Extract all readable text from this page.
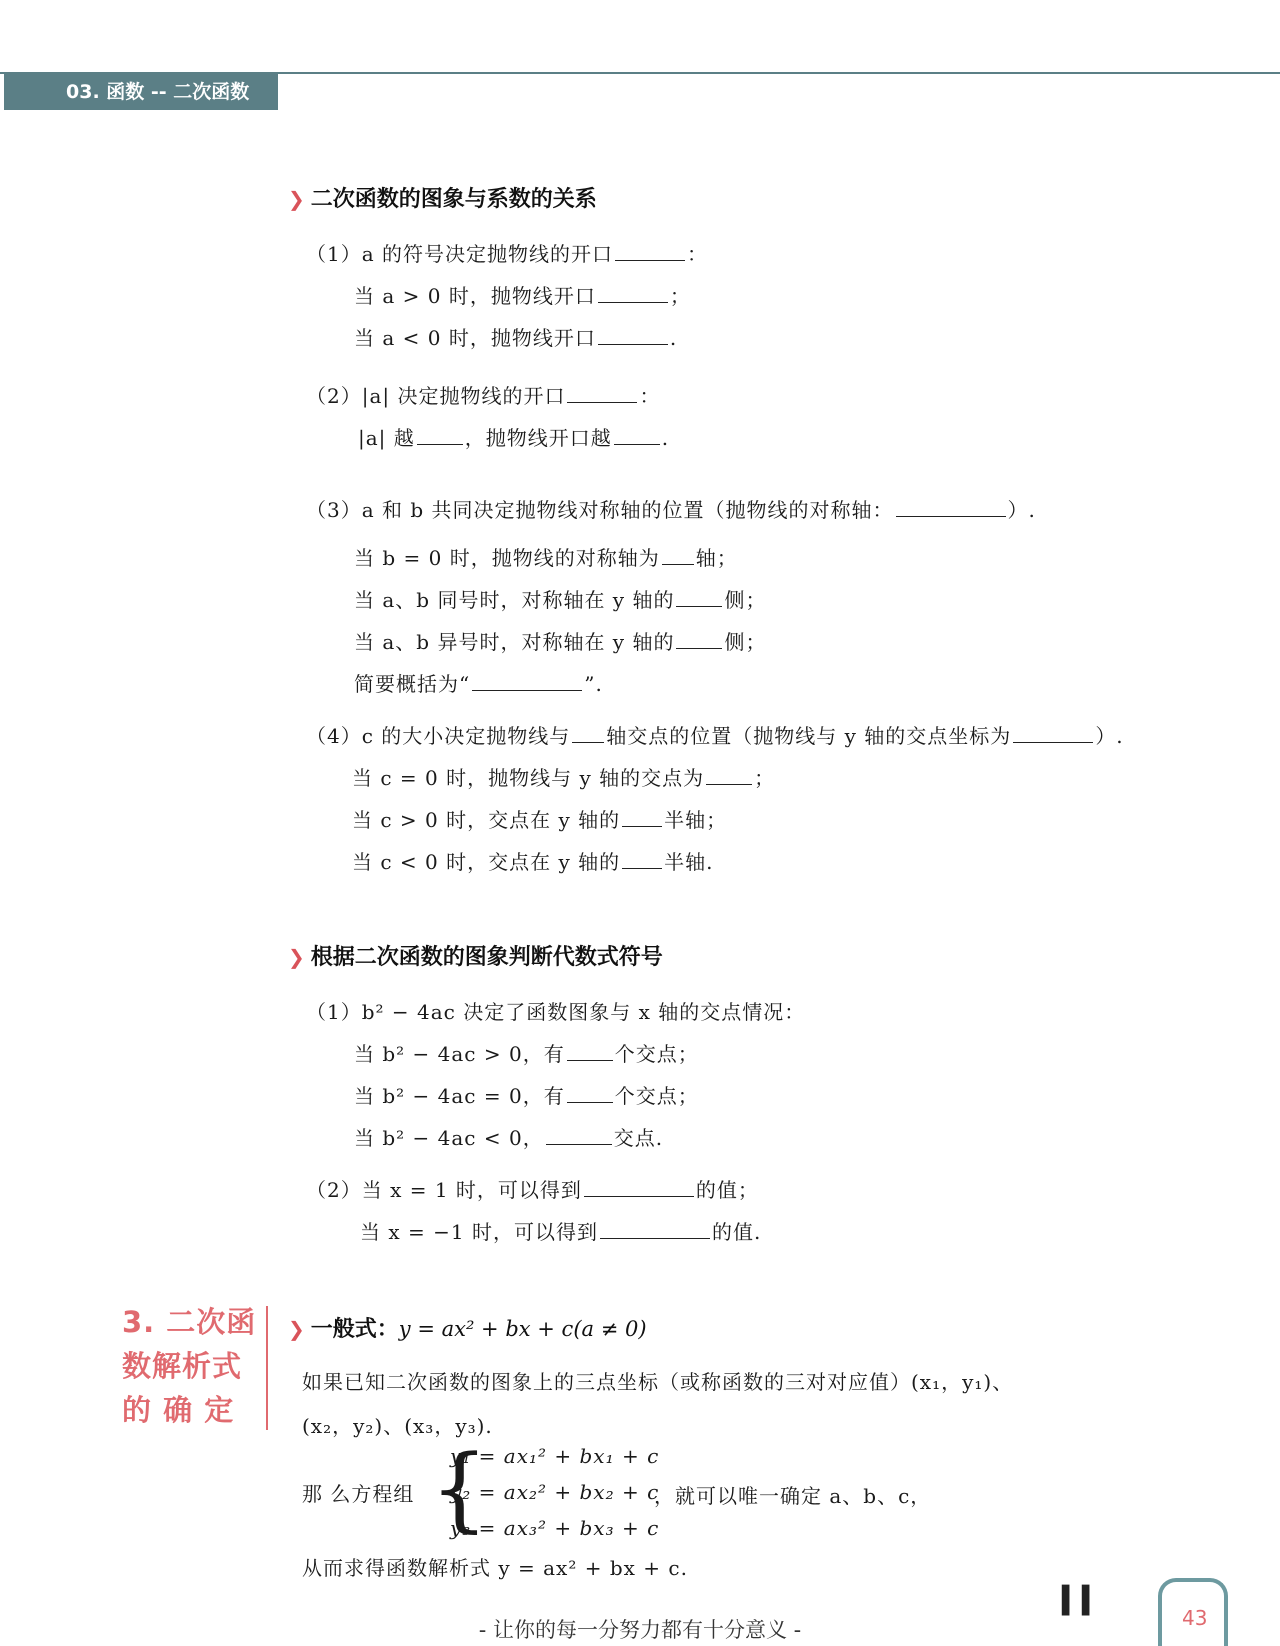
03. 函数 -- 二次函数
❯ 二次函数的图象与系数的关系
（1）a 的符号决定抛物线的开口	：
当 a > 0 时，抛物线开口	；
当 a < 0 时，抛物线开口	.
（2）|a| 决定抛物线的开口	：
|a| 越	，抛物线开口越	.
（3）a 和 b 共同决定抛物线对称轴的位置（抛物线的对称轴：	）.
当 b = 0 时，抛物线的对称轴为 轴；
当 a、b 同号时，对称轴在 y 轴的	侧；
当 a、b 异号时，对称轴在 y 轴的	侧；
简要概括为“	”.
（4）c 的大小决定抛物线与 轴交点的位置（抛物线与 y 轴的交点坐标为	）.
当 c = 0 时，抛物线与 y 轴的交点为	；
当 c > 0 时，交点在 y 轴的 半轴；
当 c < 0 时，交点在 y 轴的 半轴.
❯ 根据二次函数的图象判断代数式符号
（1）b² − 4ac 决定了函数图象与 x 轴的交点情况：
当 b² − 4ac > 0，有	个交点；
当 b² − 4ac = 0，有	个交点；
当 b² − 4ac < 0，	交点.
（2）当 x = 1 时，可以得到	的值；
当 x = −1 时，可以得到	的值.
3. 二次函数解析式的 确 定
❯ 一般式：y = ax² + bx + c(a ≠ 0)
如果已知二次函数的图象上的三点坐标（或称函数的三对对应值）(x₁，y₁)、
(x₂，y₂)、(x₃，y₃).
那 么方程组 {
y₁ = ax₁² + bx₁ + c
y₂ = ax₂² + bx₂ + c
y₃ = ax₃² + bx₃ + c
，就可以唯一确定 a、b、c，
从而求得函数解析式 y = ax² + bx + c.
- 让你的每一分努力都有十分意义 -
▍▍
43
